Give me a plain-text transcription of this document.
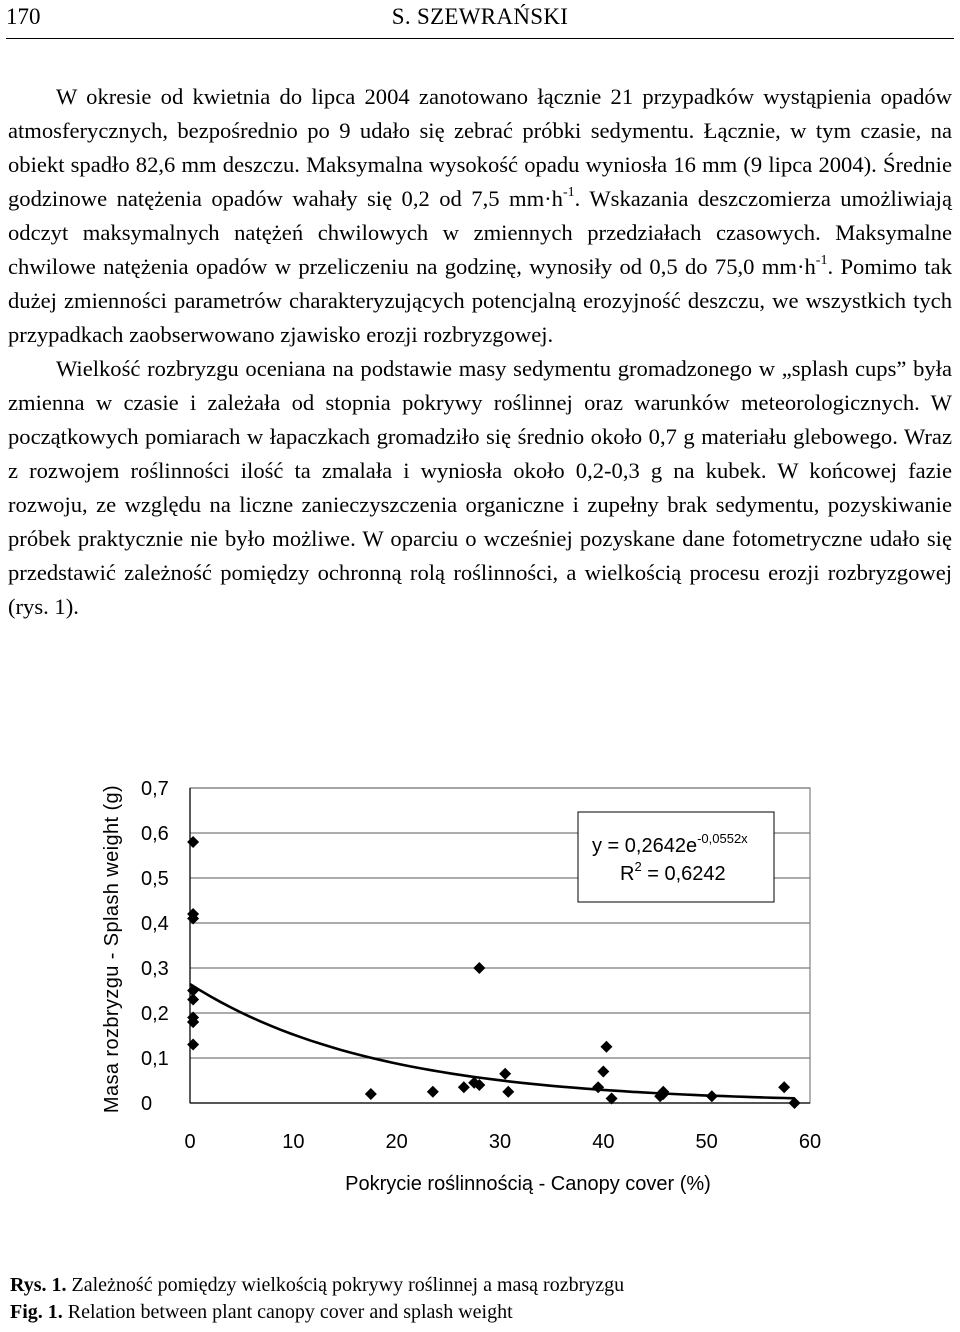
170	S. SZEWRAŃSKI

W okresie od kwietnia do lipca 2004 zanotowano łącznie 21 przypadków wystąpienia opadów atmosferycznych, bezpośrednio po 9 udało się zebrać próbki sedymentu. Łącznie, w tym czasie, na obiekt spadło 82,6 mm deszczu. Maksymalna wysokość opadu wyniosła 16 mm (9 lipca 2004). Średnie godzinowe natężenia opadów wahały się 0,2 od 7,5 $mm\cdot h^{-1}$. Wskazania deszczomierza umożliwiają odczyt maksymalnych natężeń chwilowych w zmiennych przedziałach czasowych. Maksymalne chwilowe natężenia opadów w przeliczeniu na godzinę, wynosiły od 0,5 do 75,0 $mm\cdot h^{-1}$. Pomimo tak dużej zmienności parametrów charakteryzujących potencjalną erozyjność deszczu, we wszystkich tych przypadkach zaobserwowano zjawisko erozji rozbryzgowej.

Wielkość rozbryzgu oceniana na podstawie masy sedymentu gromadzonego w „splash cups” była zmienna w czasie i zależała od stopnia pokrywy roślinnej oraz warunków meteorologicznych. W początkowych pomiarach w łapaczkach gromadziło się średnio około 0,7 g materiału glebowego. Wraz z rozwojem roślinności ilość ta zmalała i wyniosła około 0,2-0,3 g na kubek. W końcowej fazie rozwoju, ze względu na liczne zanieczyszczenia organiczne i zupełny brak sedymentu, pozyskiwanie próbek praktycznie nie było możliwe. W oparciu o wcześniej pozyskane dane fotometryczne udało się przedstawić zależność pomiędzy ochronną rolą roślinności, a wielkością procesu erozji rozbryzgowej (rys. 1).

0
0,1
0,2
0,3
0,4
0,5
0,6
0,7
0	10	20	30	40	50	60
Masa rozbryzgu - Splash weight (g)
Pokrycie roślinnością - Canopy cover (%)
$y = 0,2642e^{-0,0552x}$
$R^2 = 0,6242$
Rys. 1. Zależność pomiędzy wielkością pokrywy roślinnej a masą rozbryzgu
Fig. 1. Relation between plant canopy cover and splash weight
